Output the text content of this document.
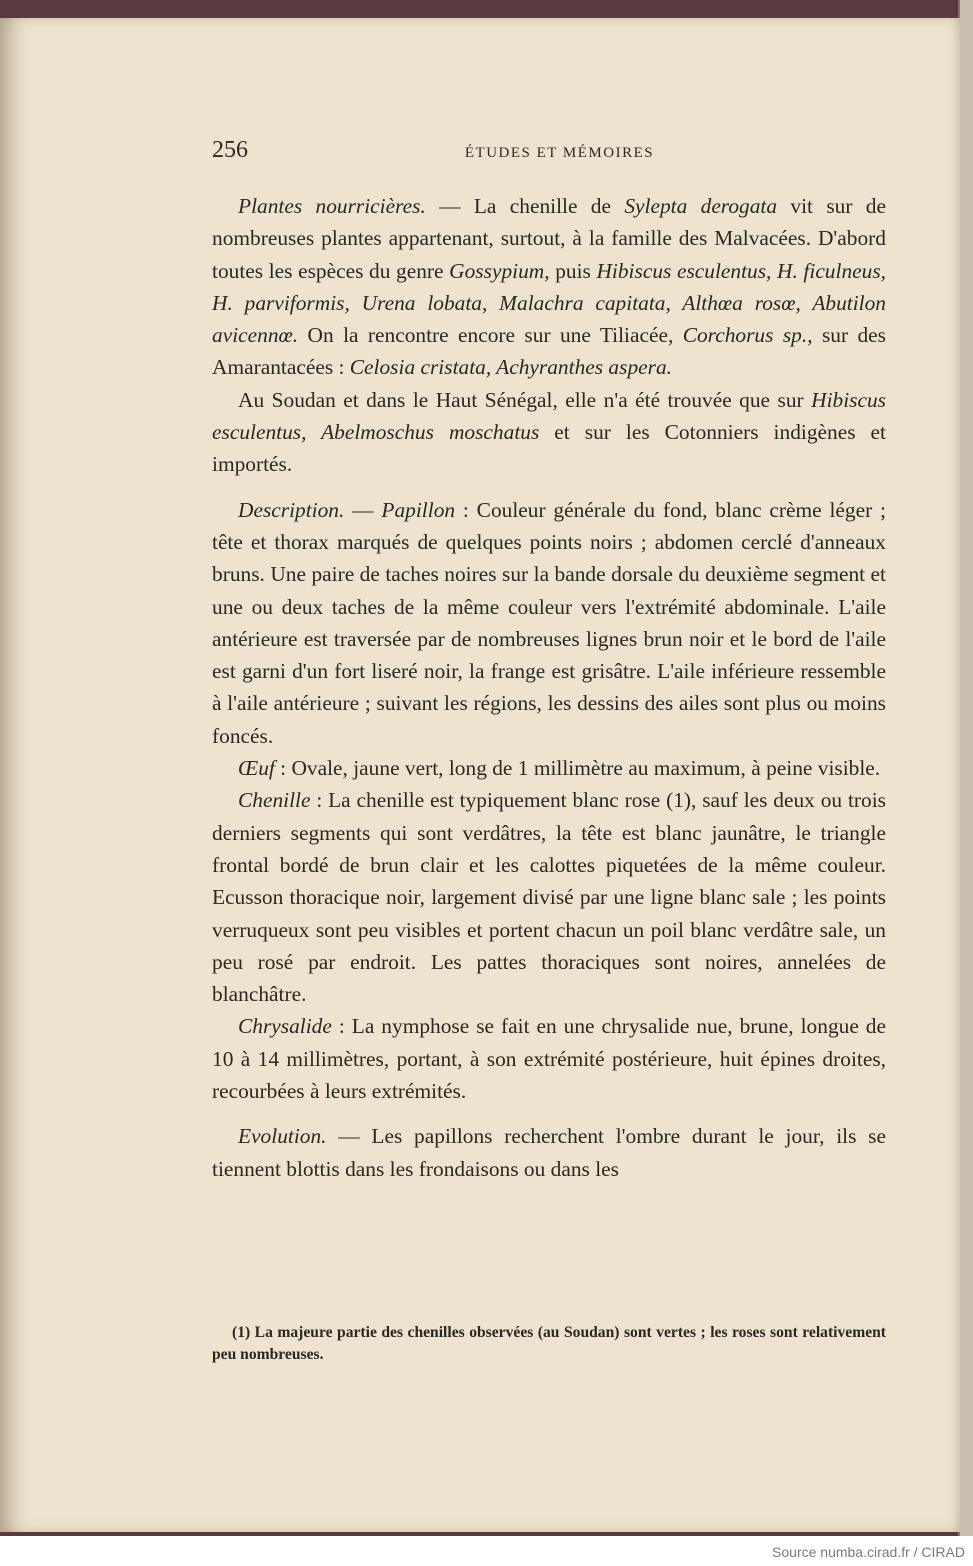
256	ÉTUDES ET MÉMOIRES

Plantes nourricières. — La chenille de Sylepta derogata vit sur de nombreuses plantes appartenant, surtout, à la famille des Malvacées. D'abord toutes les espèces du genre Gossypium, puis Hibiscus esculentus, H. ficulneus, H. parviformis, Urena lobata, Malachra capitata, Althœa rosœ, Abutilon avicennœ. On la rencontre encore sur une Tiliacée, Corchorus sp., sur des Amarantacées : Celosia cristata, Achyranthes aspera.

Au Soudan et dans le Haut Sénégal, elle n'a été trouvée que sur Hibiscus esculentus, Abelmoschus moschatus et sur les Cotonniers indigènes et importés.

Description. — Papillon : Couleur générale du fond, blanc crème léger ; tête et thorax marqués de quelques points noirs ; abdomen cerclé d'anneaux bruns. Une paire de taches noires sur la bande dorsale du deuxième segment et une ou deux taches de la même couleur vers l'extrémité abdominale. L'aile antérieure est traversée par de nombreuses lignes brun noir et le bord de l'aile est garni d'un fort liseré noir, la frange est grisâtre. L'aile inférieure ressemble à l'aile antérieure ; suivant les régions, les dessins des ailes sont plus ou moins foncés.

Œuf : Ovale, jaune vert, long de 1 millimètre au maximum, à peine visible.

Chenille : La chenille est typiquement blanc rose (1), sauf les deux ou trois derniers segments qui sont verdâtres, la tête est blanc jaunâtre, le triangle frontal bordé de brun clair et les calottes piquetées de la même couleur. Ecusson thoracique noir, largement divisé par une ligne blanc sale ; les points verruqueux sont peu visibles et portent chacun un poil blanc verdâtre sale, un peu rosé par endroit. Les pattes thoraciques sont noires, annelées de blanchâtre.

Chrysalide : La nymphose se fait en une chrysalide nue, brune, longue de 10 à 14 millimètres, portant, à son extrémité postérieure, huit épines droites, recourbées à leurs extrémités.

Evolution. — Les papillons recherchent l'ombre durant le jour, ils se tiennent blottis dans les frondaisons ou dans les

(1) La majeure partie des chenilles observées (au Soudan) sont vertes ; les roses sont relativement peu nombreuses.
Source numba.cirad.fr / CIRAD
